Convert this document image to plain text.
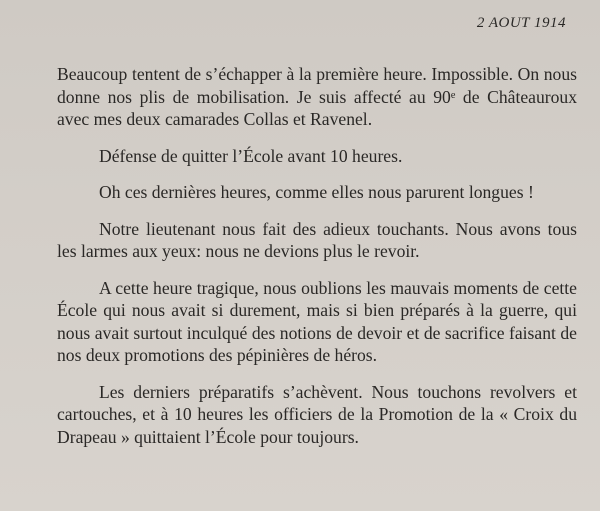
2 AOUT 1914

Beaucoup tentent de s’échapper à la première heure. Impossible. On nous donne nos plis de mobilisation. Je suis affecté au 90ᵉ de Châteauroux avec mes deux camarades Collas et Ravenel.

Défense de quitter l’École avant 10 heures.

Oh ces dernières heures, comme elles nous parurent longues !

Notre lieutenant nous fait des adieux touchants. Nous avons tous les larmes aux yeux: nous ne devions plus le revoir.

A cette heure tragique, nous oublions les mauvais moments de cette École qui nous avait si durement, mais si bien préparés à la guerre, qui nous avait surtout inculqué des notions de devoir et de sacrifice faisant de nos deux promotions des pépinières de héros.

Les derniers préparatifs s’achèvent. Nous touchons revolvers et cartouches, et à 10 heures les officiers de la Promotion de la « Croix du Drapeau » quittaient l’École pour toujours.
